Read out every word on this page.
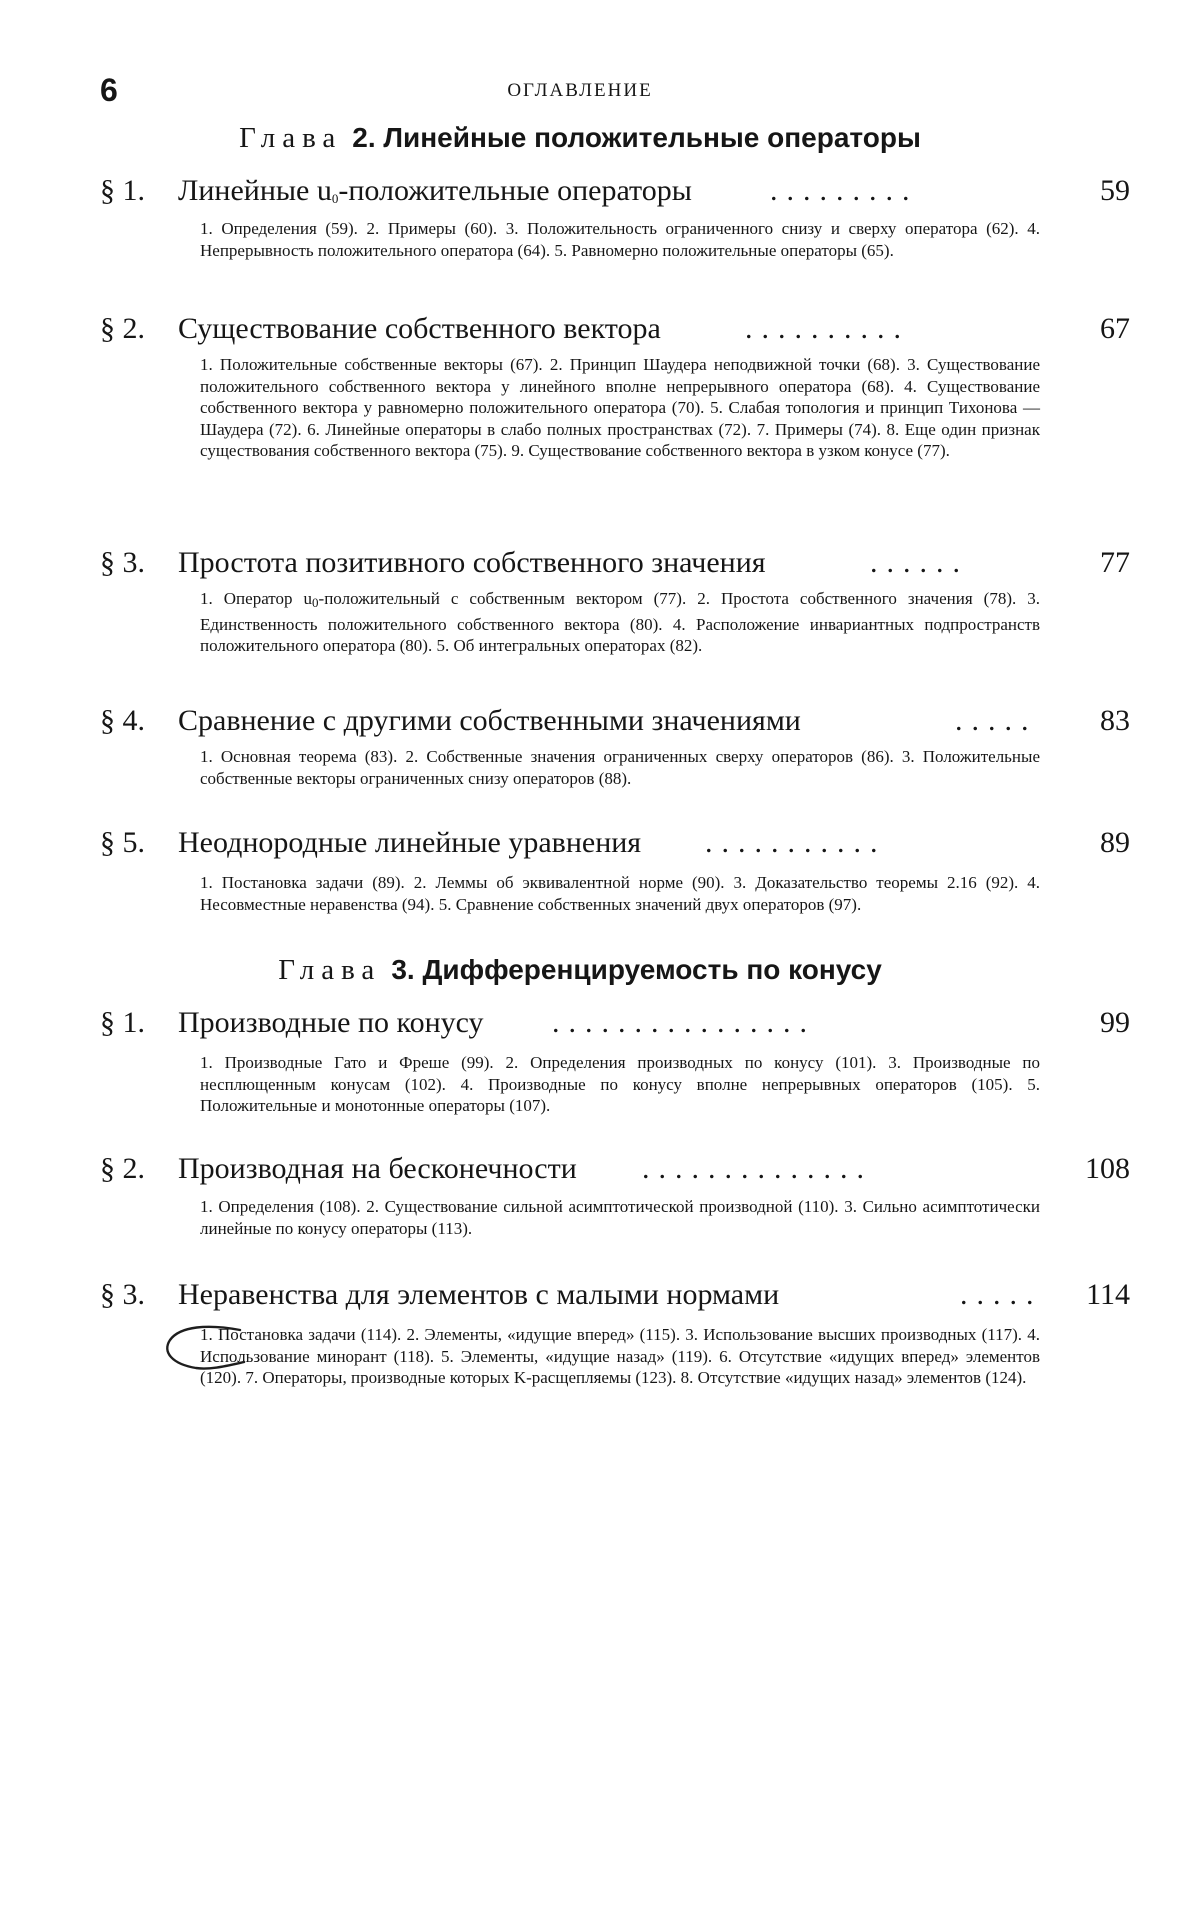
6	ОГЛАВЛЕНИЕ
Глава 2. Линейные положительные операторы
§ 1. Линейные $u_0$-положительные операторы	.........	59
1. Определения (59). 2. Примеры (60). 3. Положительность ограниченного снизу и сверху оператора (62). 4. Непрерывность положительного оператора (64). 5. Равномерно положительные операторы (65).
§ 2. Существование собственного вектора	..........	67
1. Положительные собственные векторы (67). 2. Принцип Шаудера неподвижной точки (68). 3. Существование положительного собственного вектора у линейного вполне непрерывного оператора (68). 4. Существование собственного вектора у равномерно положительного оператора (70). 5. Слабая топология и принцип Тихонова — Шаудера (72). 6. Линейные операторы в слабо полных пространствах (72). 7. Примеры (74). 8. Еще один признак существования собственного вектора (75). 9. Существование собственного вектора в узком конусе (77).
§ 3. Простота позитивного собственного значения	......	77
1. Оператор $u_0$-положительный с собственным вектором (77). 2. Простота собственного значения (78). 3. Единственность положительного собственного вектора (80). 4. Расположение инвариантных подпространств положительного оператора (80). 5. Об интегральных операторах (82).
§ 4. Сравнение с другими собственными значениями	..... 83
1. Основная теорема (83). 2. Собственные значения ограниченных сверху операторов (86). 3. Положительные собственные векторы ограниченных снизу операторов (88).
§ 5. Неоднородные линейные уравнения ...........	89
1. Постановка задачи (89). 2. Леммы об эквивалентной норме (90). 3. Доказательство теоремы 2.16 (92). 4. Несовместные неравенства (94). 5. Сравнение собственных значений двух операторов (97).
Глава 3. Дифференцируемость по конусу
§ 1. Производные по конусу ................	99
1. Производные Гато и Фреше (99). 2. Определения производных по конусу (101). 3. Производные по несплющенным конусам (102). 4. Производные по конусу вполне непрерывных операторов (105). 5. Положительные и монотонные операторы (107).
§ 2. Производная на бесконечности ..............	108
1. Определения (108). 2. Существование сильной асимптотической производной (110). 3. Сильно асимптотически линейные по конусу операторы (113).
§ 3. Неравенства для элементов с малыми нормами	..... 114
1. Постановка задачи (114). 2. Элементы, «идущие вперед» (115). 3. Использование высших производных (117). 4. Использование минорант (118). 5. Элементы, «идущие назад» (119). 6. Отсутствие «идущих вперед» элементов (120). 7. Операторы, производные которых K-расщепляемы (123). 8. Отсутствие «идущих назад» элементов (124).
